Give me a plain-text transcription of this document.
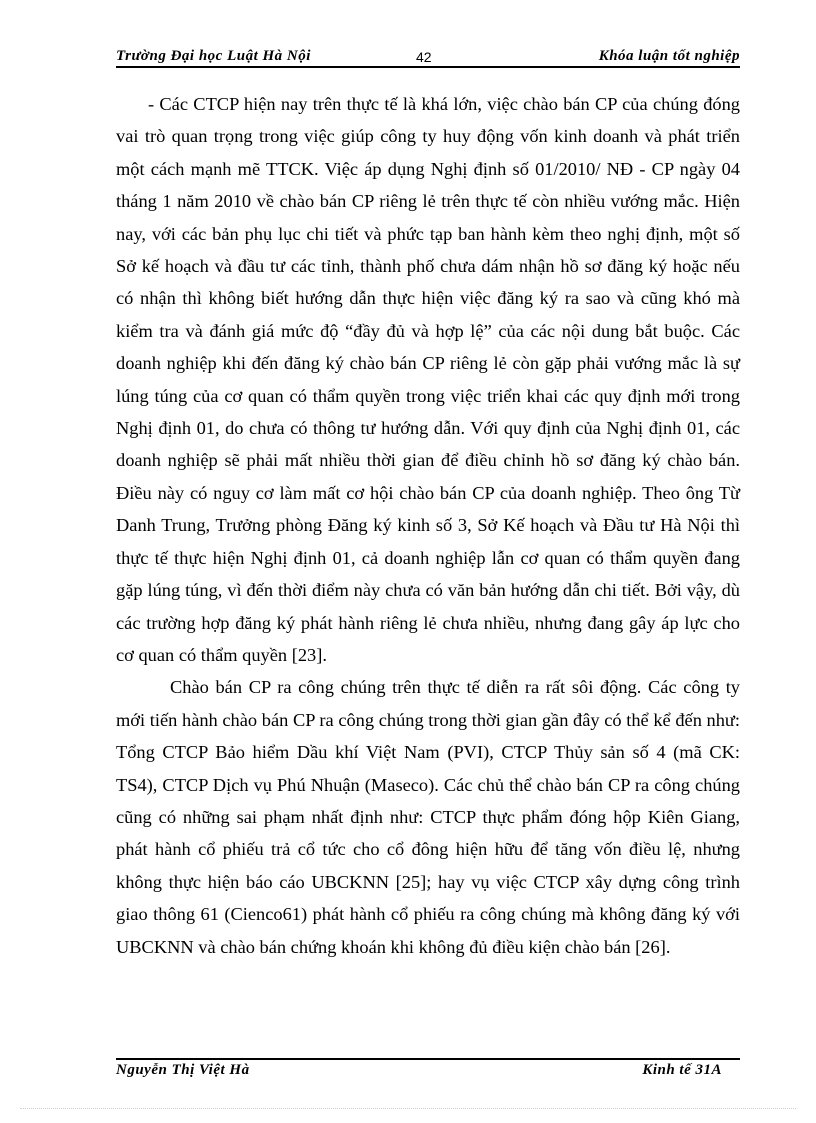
Trường Đại học Luật Hà Nội	42	Khóa luận tốt nghiệp

- Các CTCP hiện nay trên thực tế là khá lớn, việc chào bán CP của chúng đóng vai trò quan trọng trong việc giúp công ty huy động vốn kinh doanh và phát triển một cách mạnh mẽ TTCK. Việc áp dụng Nghị định số 01/2010/ NĐ - CP ngày 04 tháng 1 năm 2010 về chào bán CP riêng lẻ trên thực tế còn nhiều vướng mắc. Hiện nay, với các bản phụ lục chi tiết và phức tạp ban hành kèm theo nghị định, một số Sở kế hoạch và đầu tư các tỉnh, thành phố chưa dám nhận hồ sơ đăng ký hoặc nếu có nhận thì không biết hướng dẫn thực hiện việc đăng ký ra sao và cũng khó mà kiểm tra và đánh giá mức độ “đầy đủ và hợp lệ” của các nội dung bắt buộc. Các doanh nghiệp khi đến đăng ký chào bán CP riêng lẻ còn gặp phải vướng mắc là sự lúng túng của cơ quan có thẩm quyền trong việc triển khai các quy định mới trong Nghị định 01, do chưa có thông tư hướng dẫn. Với quy định của Nghị định 01, các doanh nghiệp sẽ phải mất nhiều thời gian để điều chỉnh hồ sơ đăng ký chào bán. Điều này có nguy cơ làm mất cơ hội chào bán CP của doanh nghiệp. Theo ông Từ Danh Trung, Trưởng phòng Đăng ký kinh số 3, Sở Kế hoạch và Đầu tư Hà Nội thì thực tế thực hiện Nghị định 01, cả doanh nghiệp lẫn cơ quan có thẩm quyền đang gặp lúng túng, vì đến thời điểm này chưa có văn bản hướng dẫn chi tiết. Bởi vậy, dù các trường hợp đăng ký phát hành riêng lẻ chưa nhiều, nhưng đang gây áp lực cho cơ quan có thẩm quyền [23].

Chào bán CP ra công chúng trên thực tế diễn ra rất sôi động. Các công ty mới tiến hành chào bán CP ra công chúng trong thời gian gần đây có thể kể đến như: Tổng CTCP Bảo hiểm Dầu khí Việt Nam (PVI), CTCP Thủy sản số 4 (mã CK: TS4), CTCP Dịch vụ Phú Nhuận (Maseco). Các chủ thể chào bán CP ra công chúng cũng có những sai phạm nhất định như: CTCP thực phẩm đóng hộp Kiên Giang, phát hành cổ phiếu trả cổ tức cho cổ đông hiện hữu để tăng vốn điều lệ, nhưng không thực hiện báo cáo UBCKNN [25]; hay vụ việc CTCP xây dựng công trình giao thông 61 (Cienco61) phát hành cổ phiếu ra công chúng mà không đăng ký với UBCKNN và chào bán chứng khoán khi không đủ điều kiện chào bán [26].

Nguyễn Thị Việt Hà	Kinh tế 31A
